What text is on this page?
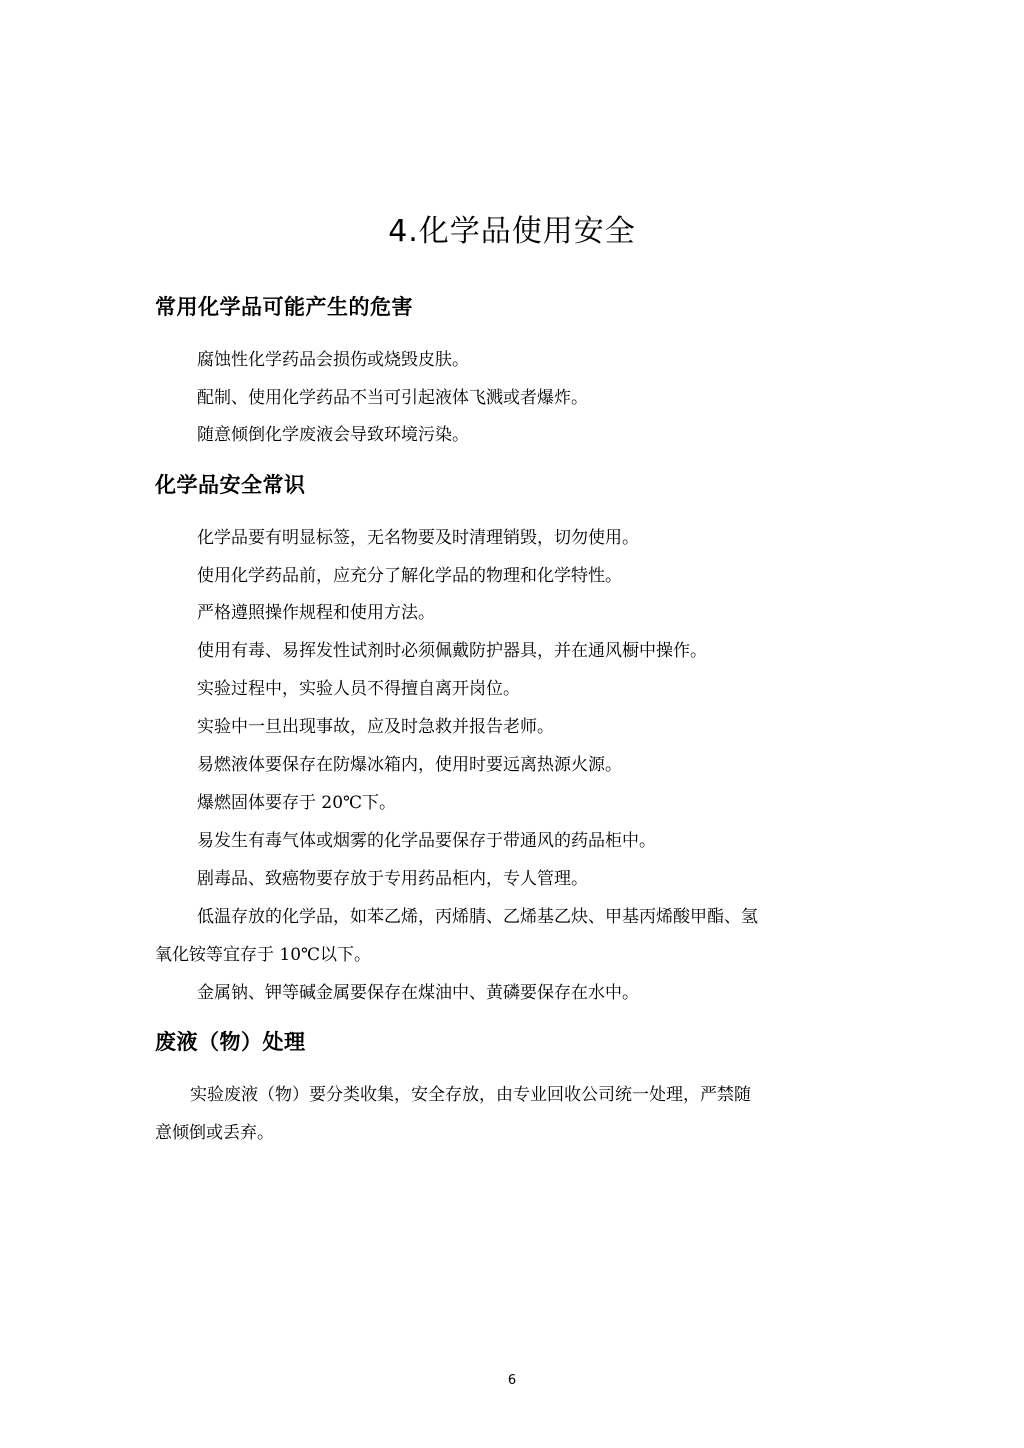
4.化学品使用安全
常用化学品可能产生的危害

腐蚀性化学药品会损伤或烧毁皮肤。

配制、使用化学药品不当可引起液体飞溅或者爆炸。

随意倾倒化学废液会导致环境污染。

化学品安全常识

化学品要有明显标签，无名物要及时清理销毁，切勿使用。

使用化学药品前，应充分了解化学品的物理和化学特性。

严格遵照操作规程和使用方法。

使用有毒、易挥发性试剂时必须佩戴防护器具，并在通风橱中操作。

实验过程中，实验人员不得擅自离开岗位。

实验中一旦出现事故，应及时急救并报告老师。

易燃液体要保存在防爆冰箱内，使用时要远离热源火源。

爆燃固体要存于 20℃下。

易发生有毒气体或烟雾的化学品要保存于带通风的药品柜中。

剧毒品、致癌物要存放于专用药品柜内，专人管理。

低温存放的化学品，如苯乙烯，丙烯腈、乙烯基乙炔、甲基丙烯酸甲酯、氢

氧化铵等宜存于 10℃以下。

金属钠、钾等碱金属要保存在煤油中、黄磷要保存在水中。

废液（物）处理

实验废液（物）要分类收集，安全存放，由专业回收公司统一处理，严禁随

意倾倒或丢弃。

6
